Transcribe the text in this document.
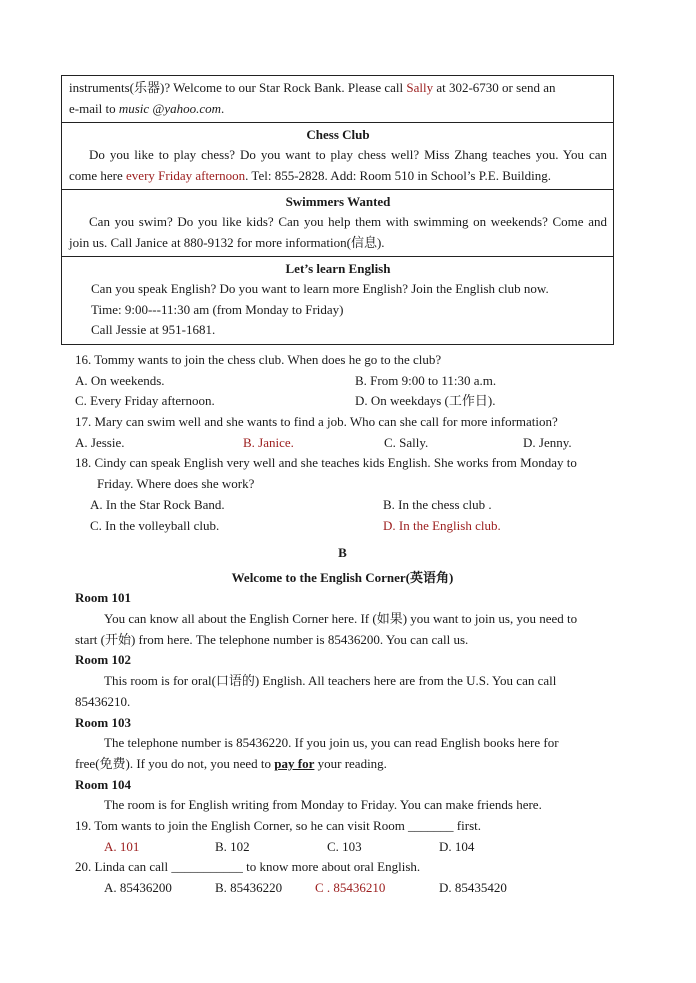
instruments(乐器)? Welcome to our Star Rock Bank. Please call Sally at 302-6730 or send an

e-mail to music @yahoo.com.

Chess Club

Do you like to play chess? Do you want to play chess well? Miss Zhang teaches you. You can come here every Friday afternoon. Tel: 855-2828. Add: Room 510 in School’s P.E. Building.

Swimmers Wanted

Can you swim? Do you like kids? Can you help them with swimming on weekends? Come and join us. Call Janice at 880-9132 for more information(信息).

Let’s learn English

Can you speak English? Do you want to learn more English? Join the English club now.

Time: 9:00---11:30 am (from Monday to Friday)

Call Jessie at 951-1681.

16. Tommy wants to join the chess club. When does he go to the club?
A. On weekends.	B. From 9:00 to 11:30 a.m.
C. Every Friday afternoon.	D. On weekdays (工作日).
17. Mary can swim well and she wants to find a job. Who can she call for more information?
A. Jessie.	B. Janice.	C. Sally.	D. Jenny.
18. Cindy can speak English very well and she teaches kids English. She works from Monday to
Friday. Where does she work?
A. In the Star Rock Band.	B. In the chess club .
C. In the volleyball club.	D. In the English club.
B
Welcome to the English Corner(英语角)
Room 101
You can know all about the English Corner here. If (如果) you want to join us, you need to
start (开始) from here. The telephone number is 85436200. You can call us.
Room 102
This room is for oral(口语的) English. All teachers here are from the U.S. You can call
85436210.
Room 103
The telephone number is 85436220. If you join us, you can read English books here for
free(免费). If you do not, you need to pay for your reading.
Room 104
The room is for English writing from Monday to Friday. You can make friends here.
19. Tom wants to join the English Corner, so he can visit Room _______ first.
A. 101	B. 102	C. 103	D. 104
20. Linda can call ___________ to know more about oral English.
A. 85436200	B. 85436220	C . 85436210	D. 85435420
